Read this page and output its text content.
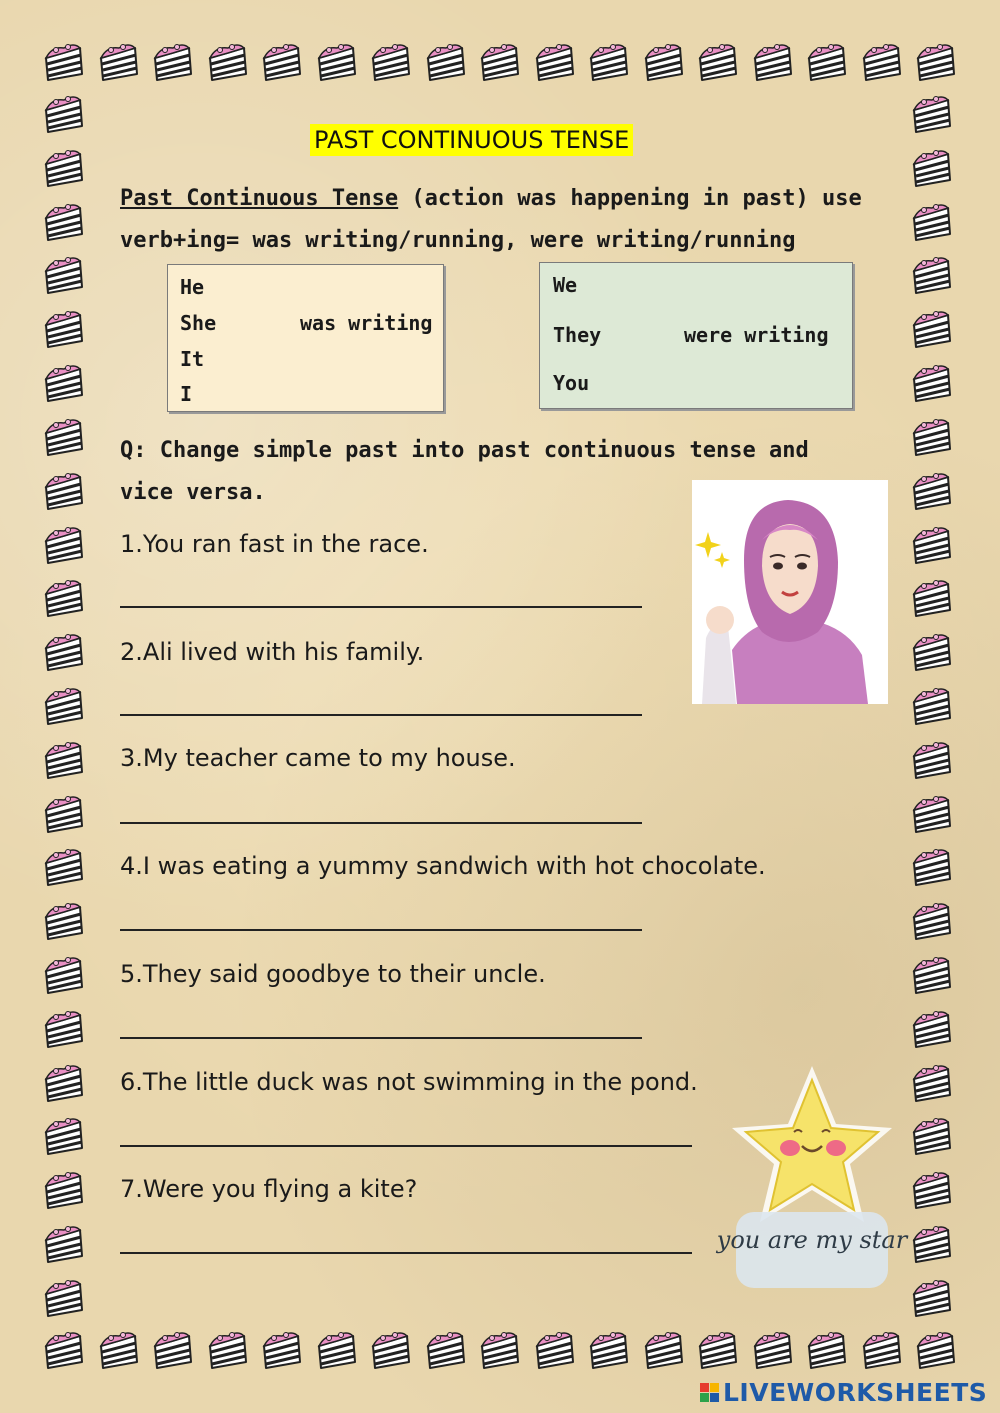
PAST CONTINUOUS TENSE
Past Continuous Tense (action was happening in past) use
verb+ing= was writing/running, were writing/running
He
She
It
I
was writing
We
They
You
were writing
Q: Change simple past into past continuous tense and
vice versa.
1.You ran fast in the race.
2.Ali lived with his family.
3.My teacher came to my house.
4.I was eating a yummy sandwich with hot chocolate.
5.They said goodbye to their uncle.
6.The little duck was not swimming in the pond.
7.Were you flying a kite?
you are my star
LIVEWORKSHEETS
